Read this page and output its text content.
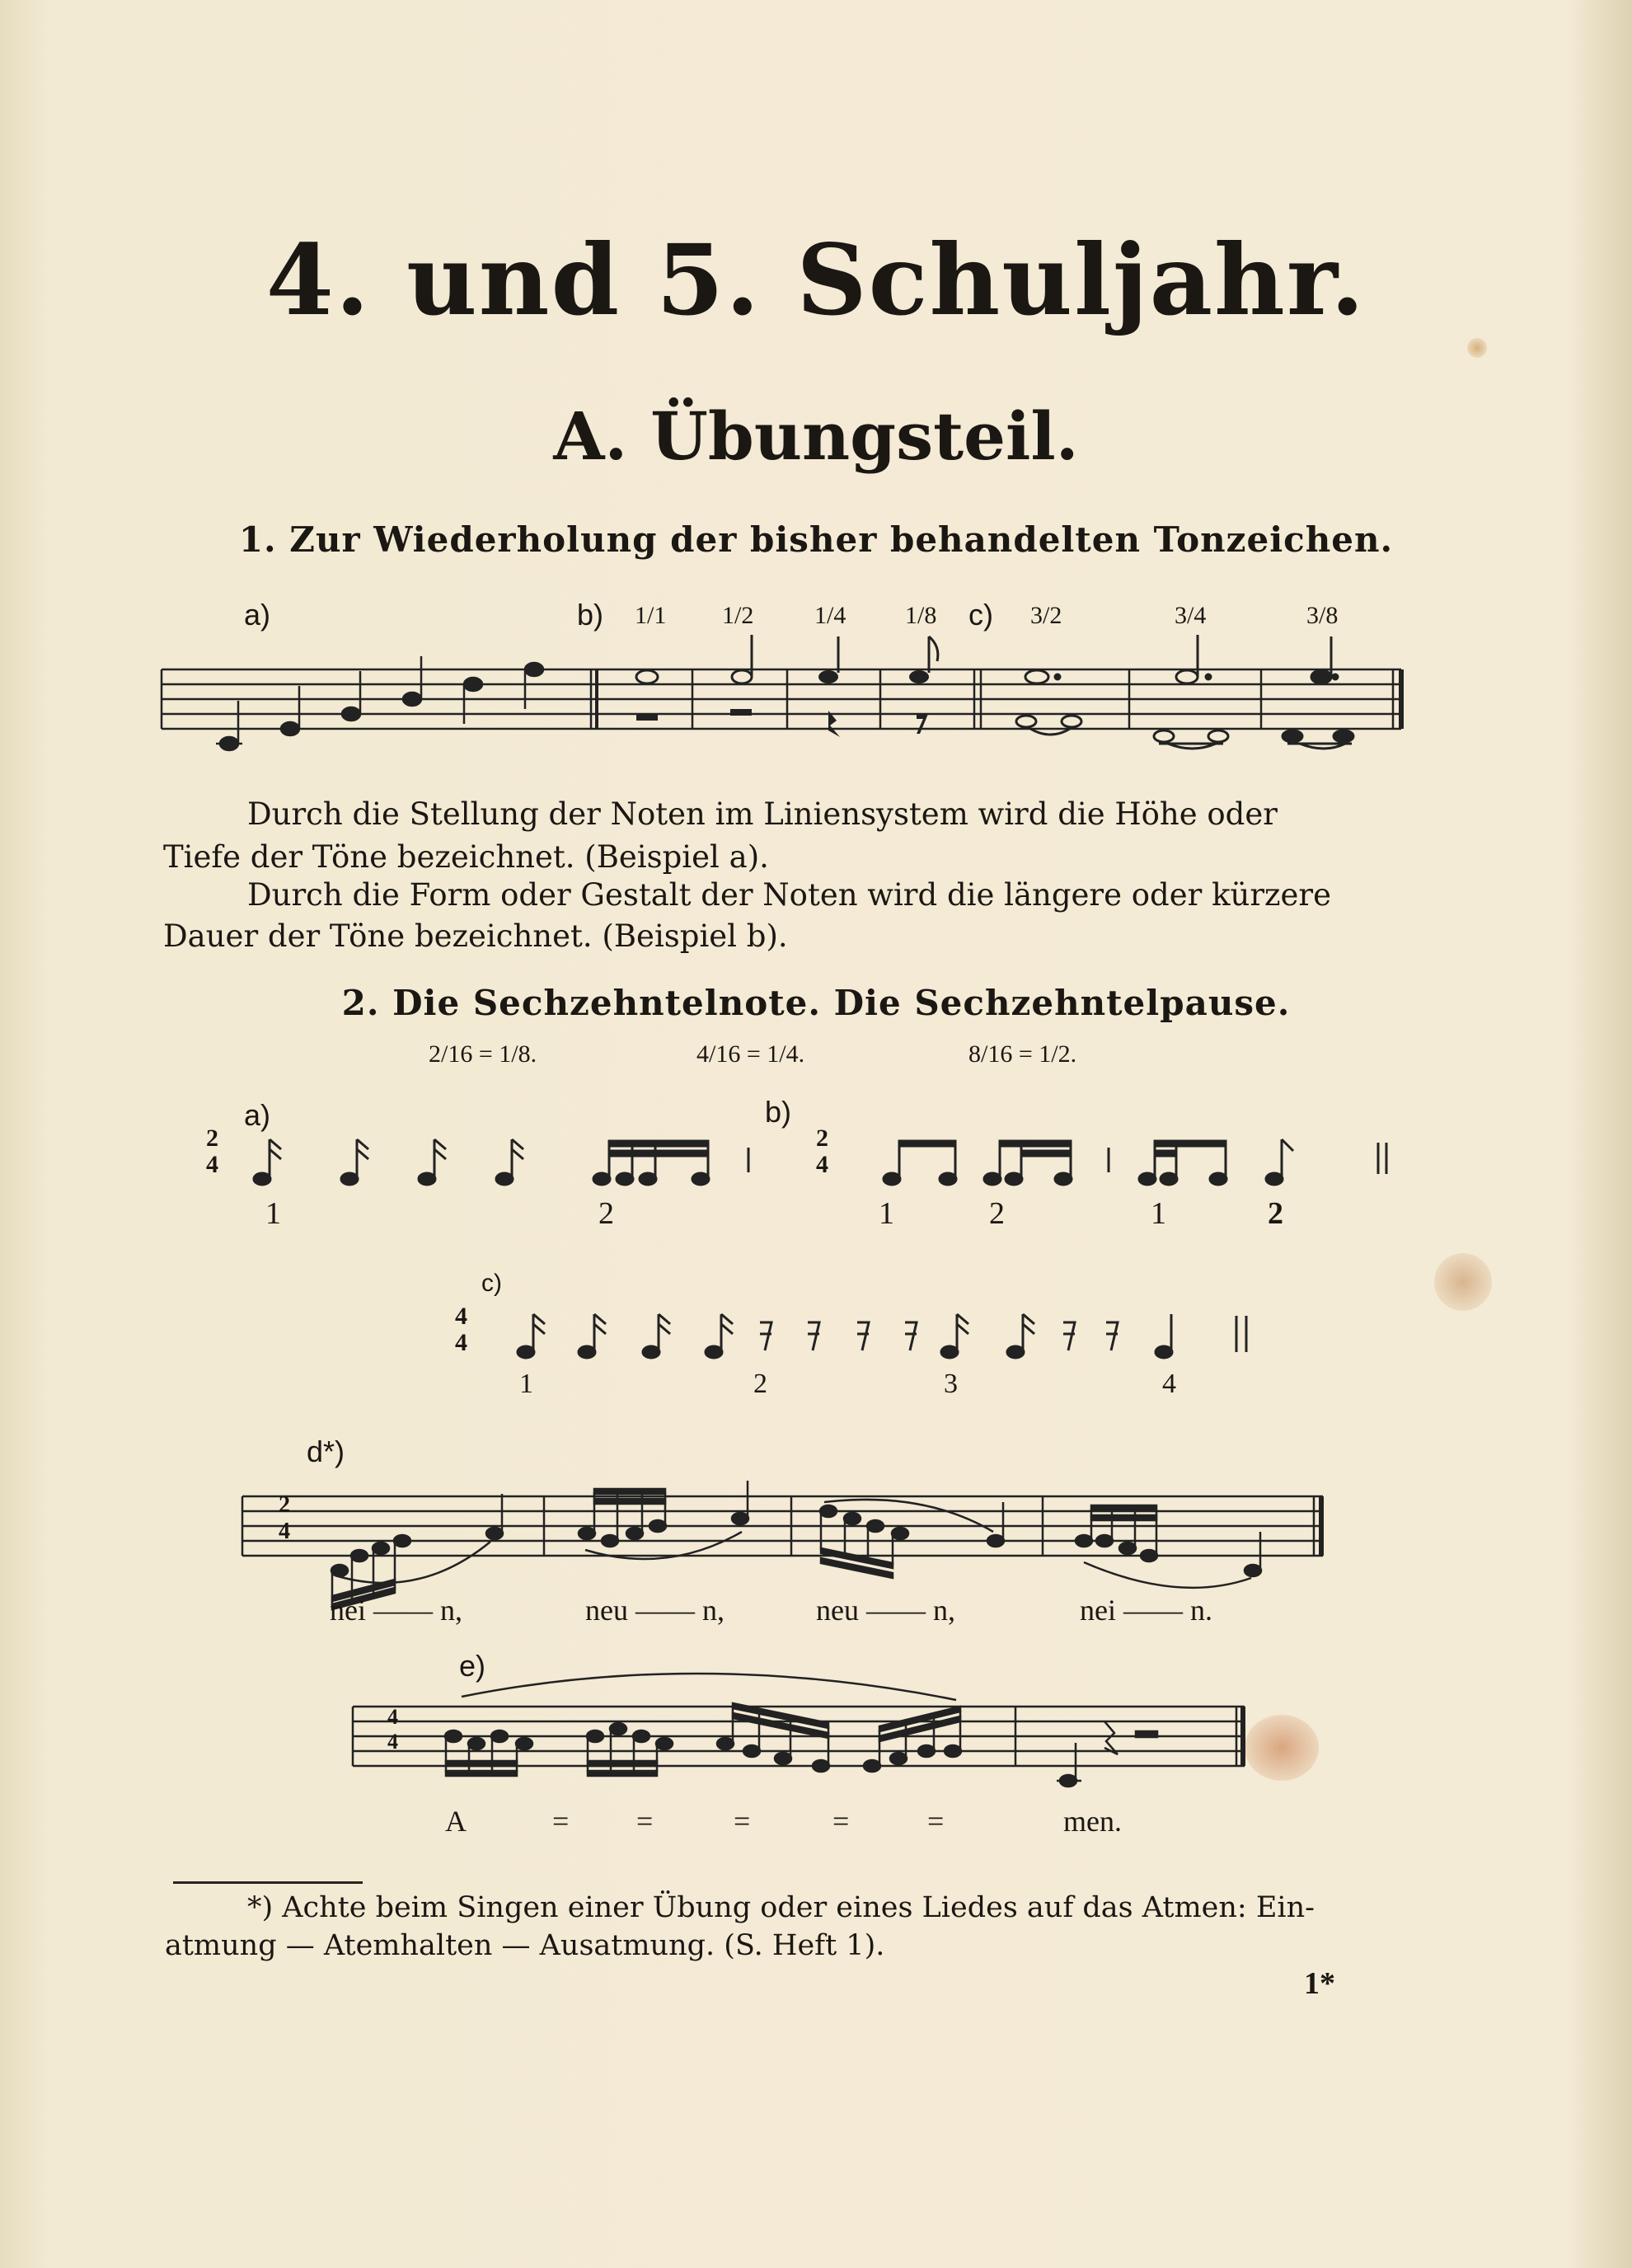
4. und 5. Schuljahr.
A. Übungsteil.
1. Zur Wiederholung der bisher behandelten Tonzeichen.
a)	b)	c)
1/1 1/2 1/4 1/8	3/2	3/4	3/8
Durch die Stellung der Noten im Liniensystem wird die Höhe oder
Tiefe der Töne bezeichnet. (Beispiel a).
Durch die Form oder Gestalt der Noten wird die längere oder kürzere
Dauer der Töne bezeichnet. (Beispiel b).
2. Die Sechzehntelnote. Die Sechzehntelpause.
2/16 = 1/8.	4/16 = 1/4.	8/16 = 1/2.
a)	b)
2
4
2
4
1	2	1	2	1	2
c)
4
4
1	2	3	4
d*)
2
4
nei —— n,	neu —— n,	neu —— n,	nei —— n.
e)
4
4
A	= =	=	=	=	men.
*) Achte beim Singen einer Übung oder eines Liedes auf das Atmen: Ein-
atmung — Atemhalten — Ausatmung. (S. Heft 1).
1*
